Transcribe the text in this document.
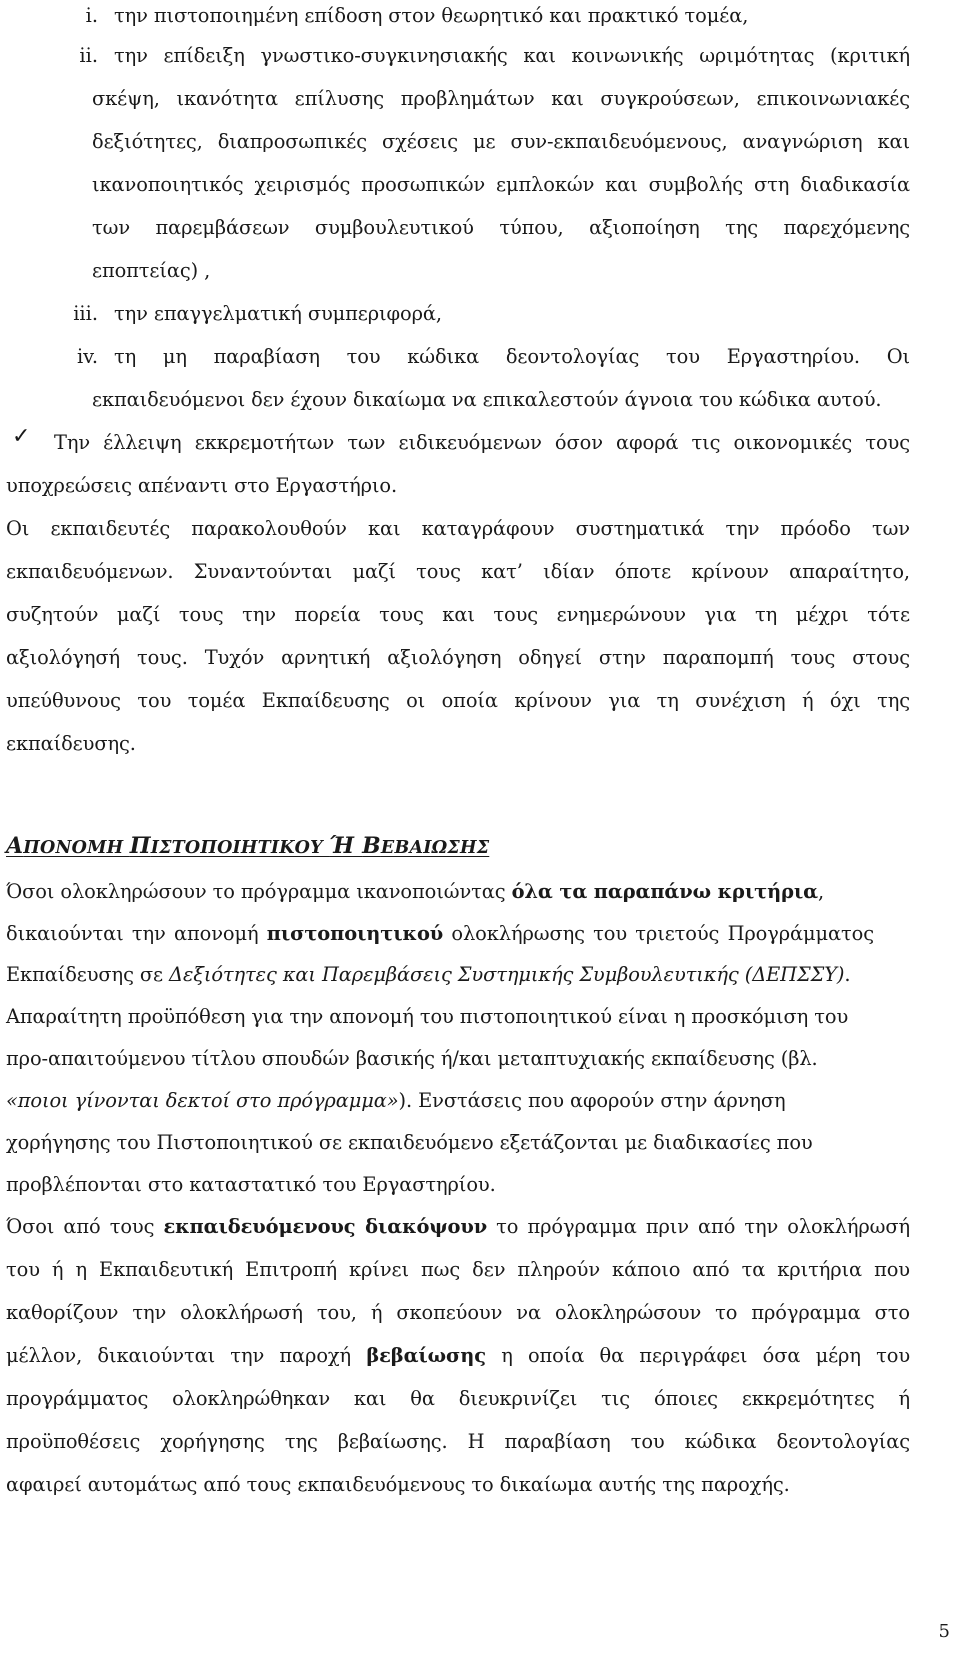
i. την πιστοποιημένη επίδοση στον θεωρητικό και πρακτικό τομέα,
ii. την επίδειξη γνωστικο-συγκινησιακής και κοινωνικής ωριμότητας (κριτική
σκέψη, ικανότητα επίλυσης προβλημάτων και συγκρούσεων, επικοινωνιακές
δεξιότητες, διαπροσωπικές σχέσεις με συν-εκπαιδευόμενους, αναγνώριση και
ικανοποιητικός χειρισμός προσωπικών εμπλοκών και συμβολής στη διαδικασία
των παρεμβάσεων συμβουλευτικού τύπου, αξιοποίηση της παρεχόμενης
εποπτείας) ,
iii. την επαγγελματική συμπεριφορά,
iv. τη μη παραβίαση του κώδικα δεοντολογίας του Εργαστηρίου. Οι
εκπαιδευόμενοι δεν έχουν δικαίωμα να επικαλεστούν άγνοια του κώδικα αυτού.
✓ Την έλλειψη εκκρεμοτήτων των ειδικευόμενων όσον αφορά τις οικονομικές τους
υποχρεώσεις απέναντι στο Εργαστήριο.
Οι εκπαιδευτές παρακολουθούν και καταγράφουν συστηματικά την πρόοδο των
εκπαιδευόμενων. Συναντούνται μαζί τους κατ’ ιδίαν όποτε κρίνουν απαραίτητο,
συζητούν μαζί τους την πορεία τους και τους ενημερώνουν για τη μέχρι τότε
αξιολόγησή τους. Τυχόν αρνητική αξιολόγηση οδηγεί στην παραπομπή τους στους
υπεύθυνους του τομέα Εκπαίδευσης οι οποία κρίνουν για τη συνέχιση ή όχι της
εκπαίδευσης.
ΑΠΟΝΟΜΗ ΠΙΣΤΟΠΟΙΗΤΙΚΟΥ Ή ΒΕΒΑΙΩΣΗΣ
Όσοι ολοκληρώσουν το πρόγραμμα ικανοποιώντας όλα τα παραπάνω κριτήρια,
δικαιούνται την απονομή πιστοποιητικού ολοκλήρωσης του τριετούς Προγράμματος
Εκπαίδευσης σε Δεξιότητες και Παρεμβάσεις Συστημικής Συμβουλευτικής (ΔΕΠΣΣΥ).
Απαραίτητη προϋπόθεση για την απονομή του πιστοποιητικού είναι η προσκόμιση του
προ-απαιτούμενου τίτλου σπουδών βασικής ή/και μεταπτυχιακής εκπαίδευσης (βλ.
«ποιοι γίνονται δεκτοί στο πρόγραμμα»). Ενστάσεις που αφορούν στην άρνηση
χορήγησης του Πιστοποιητικού σε εκπαιδευόμενο εξετάζονται με διαδικασίες που
προβλέπονται στο καταστατικό του Εργαστηρίου.
Όσοι από τους εκπαιδευόμενους διακόψουν το πρόγραμμα πριν από την ολοκλήρωσή
του ή η Εκπαιδευτική Επιτροπή κρίνει πως δεν πληρούν κάποιο από τα κριτήρια που
καθορίζουν την ολοκλήρωσή του, ή σκοπεύουν να ολοκληρώσουν το πρόγραμμα στο
μέλλον, δικαιούνται την παροχή βεβαίωσης η οποία θα περιγράφει όσα μέρη του
προγράμματος ολοκληρώθηκαν και θα διευκρινίζει τις όποιες εκκρεμότητες ή
προϋποθέσεις χορήγησης της βεβαίωσης. Η παραβίαση του κώδικα δεοντολογίας
αφαιρεί αυτομάτως από τους εκπαιδευόμενους το δικαίωμα αυτής της παροχής.
5
